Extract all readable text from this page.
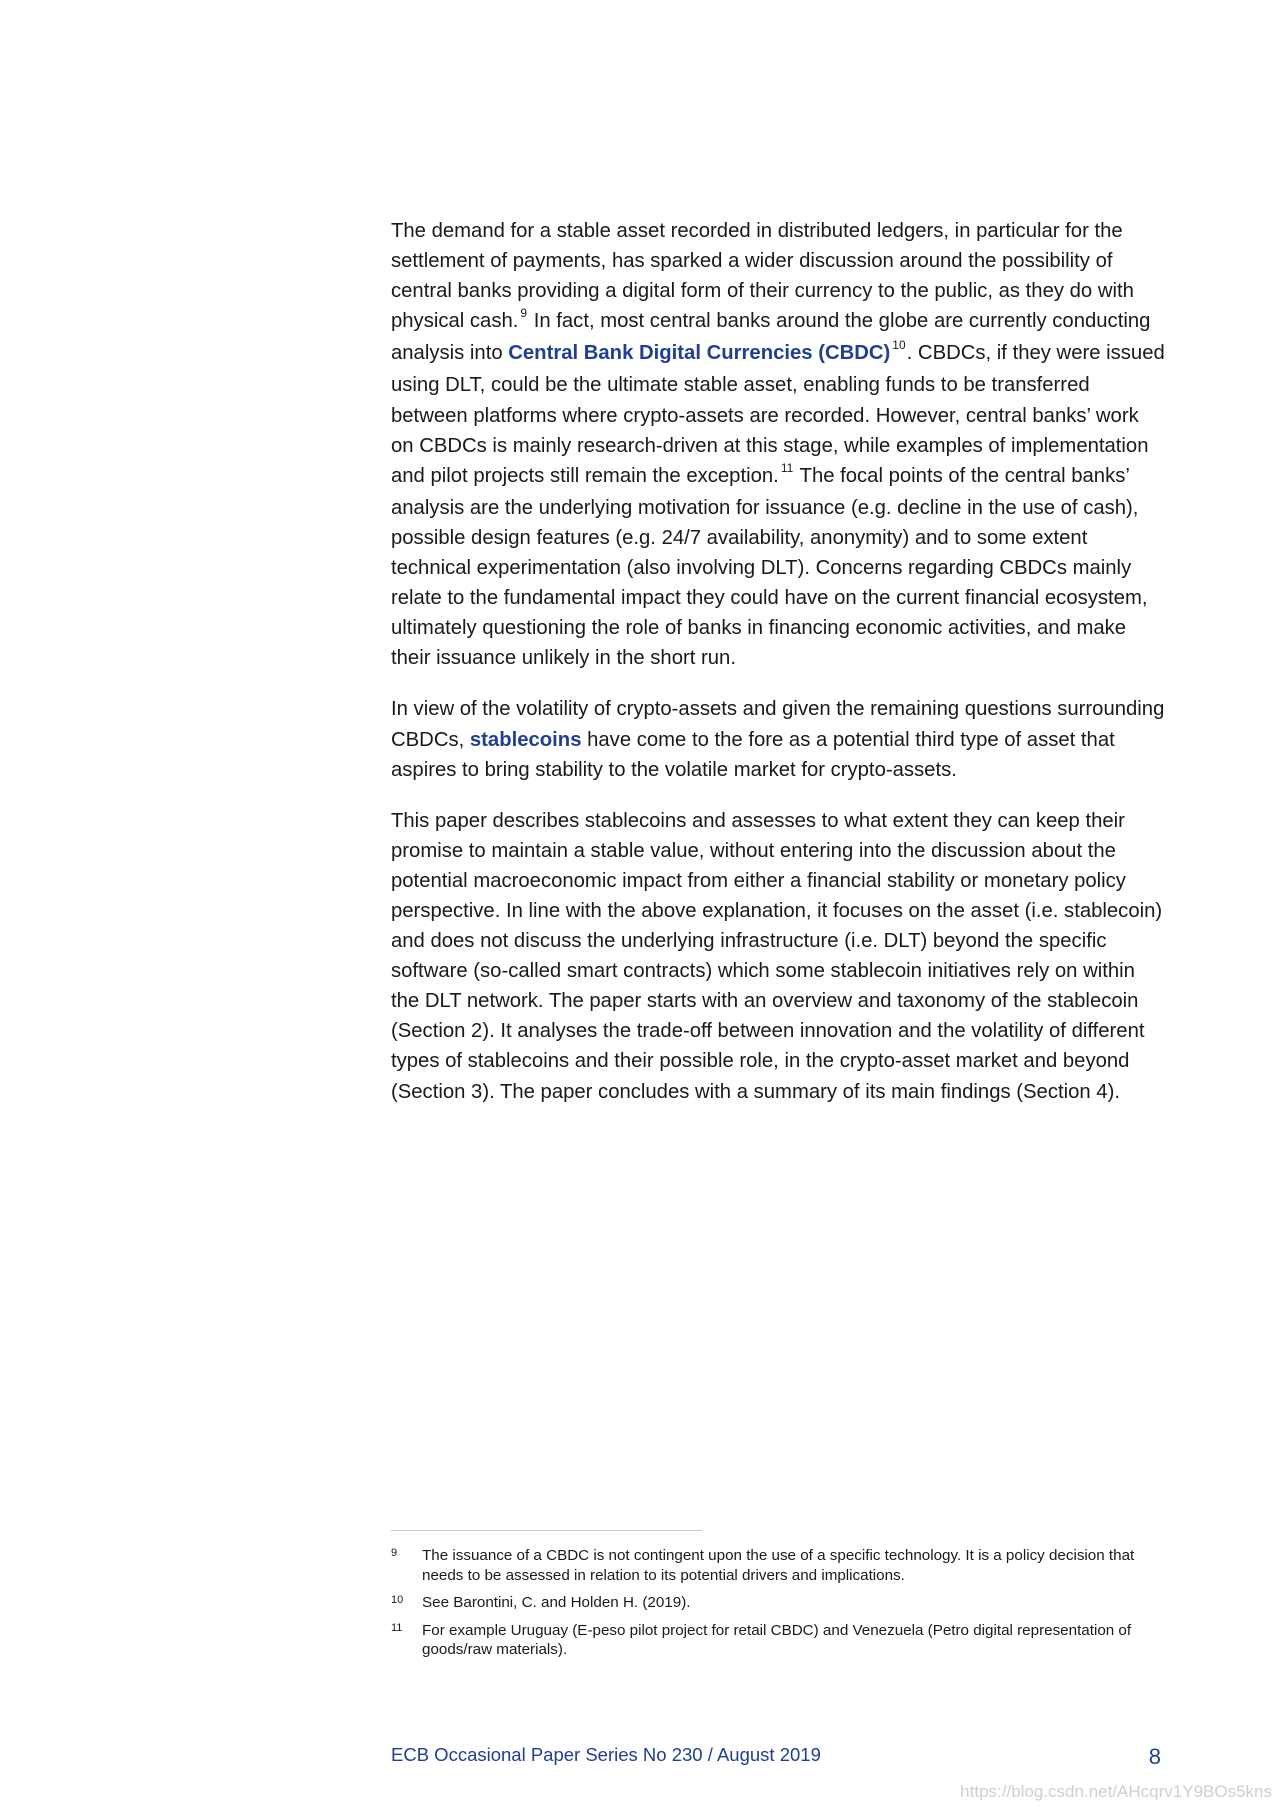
The demand for a stable asset recorded in distributed ledgers, in particular for the settlement of payments, has sparked a wider discussion around the possibility of central banks providing a digital form of their currency to the public, as they do with physical cash. $^9$ In fact, most central banks around the globe are currently conducting analysis into Central Bank Digital Currencies (CBDC) $^{10}$. CBDCs, if they were issued using DLT, could be the ultimate stable asset, enabling funds to be transferred between platforms where crypto-assets are recorded. However, central banks’ work on CBDCs is mainly research-driven at this stage, while examples of implementation and pilot projects still remain the exception. $^{11}$ The focal points of the central banks’ analysis are the underlying motivation for issuance (e.g. decline in the use of cash), possible design features (e.g. 24/7 availability, anonymity) and to some extent technical experimentation (also involving DLT). Concerns regarding CBDCs mainly relate to the fundamental impact they could have on the current financial ecosystem, ultimately questioning the role of banks in financing economic activities, and make their issuance unlikely in the short run.

In view of the volatility of crypto-assets and given the remaining questions surrounding CBDCs, stablecoins have come to the fore as a potential third type of asset that aspires to bring stability to the volatile market for crypto-assets.

This paper describes stablecoins and assesses to what extent they can keep their promise to maintain a stable value, without entering into the discussion about the potential macroeconomic impact from either a financial stability or monetary policy perspective. In line with the above explanation, it focuses on the asset (i.e. stablecoin) and does not discuss the underlying infrastructure (i.e. DLT) beyond the specific software (so-called smart contracts) which some stablecoin initiatives rely on within the DLT network. The paper starts with an overview and taxonomy of the stablecoin (Section 2). It analyses the trade-off between innovation and the volatility of different types of stablecoins and their possible role, in the crypto-asset market and beyond (Section 3). The paper concludes with a summary of its main findings (Section 4).

9	The issuance of a CBDC is not contingent upon the use of a specific technology. It is a policy decision that needs to be assessed in relation to its potential drivers and implications.
10	See Barontini, C. and Holden H. (2019).
11	For example Uruguay (E-peso pilot project for retail CBDC) and Venezuela (Petro digital representation of goods/raw materials).
ECB Occasional Paper Series No 230 / August 2019	8
https://blog.csdn.net/AHcqrv1Y9BOs5kns
